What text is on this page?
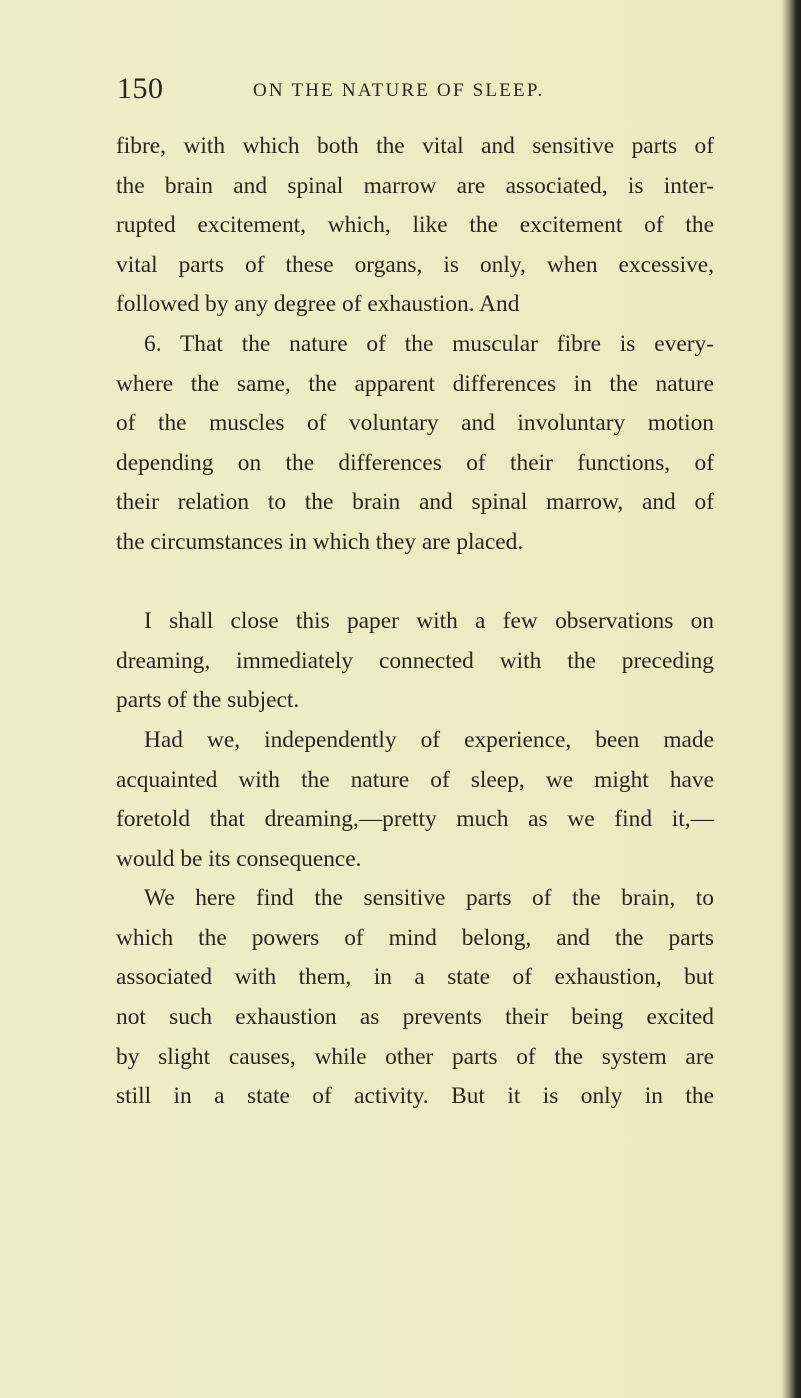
150	ON THE NATURE OF SLEEP.
fibre, with which both the vital and sensitive parts of
the brain and spinal marrow are associated, is inter-
rupted excitement, which, like the excitement of the
vital parts of these organs, is only, when excessive,
followed by any degree of exhaustion. And
6. That the nature of the muscular fibre is every-
where the same, the apparent differences in the nature
of the muscles of voluntary and involuntary motion
depending on the differences of their functions, of
their relation to the brain and spinal marrow, and of
the circumstances in which they are placed.
I shall close this paper with a few observations on
dreaming, immediately connected with the preceding
parts of the subject.
Had we, independently of experience, been made
acquainted with the nature of sleep, we might have
foretold that dreaming,—pretty much as we find it,—
would be its consequence.
We here find the sensitive parts of the brain, to
which the powers of mind belong, and the parts
associated with them, in a state of exhaustion, but
not such exhaustion as prevents their being excited
by slight causes, while other parts of the system are
still in a state of activity. But it is only in the
